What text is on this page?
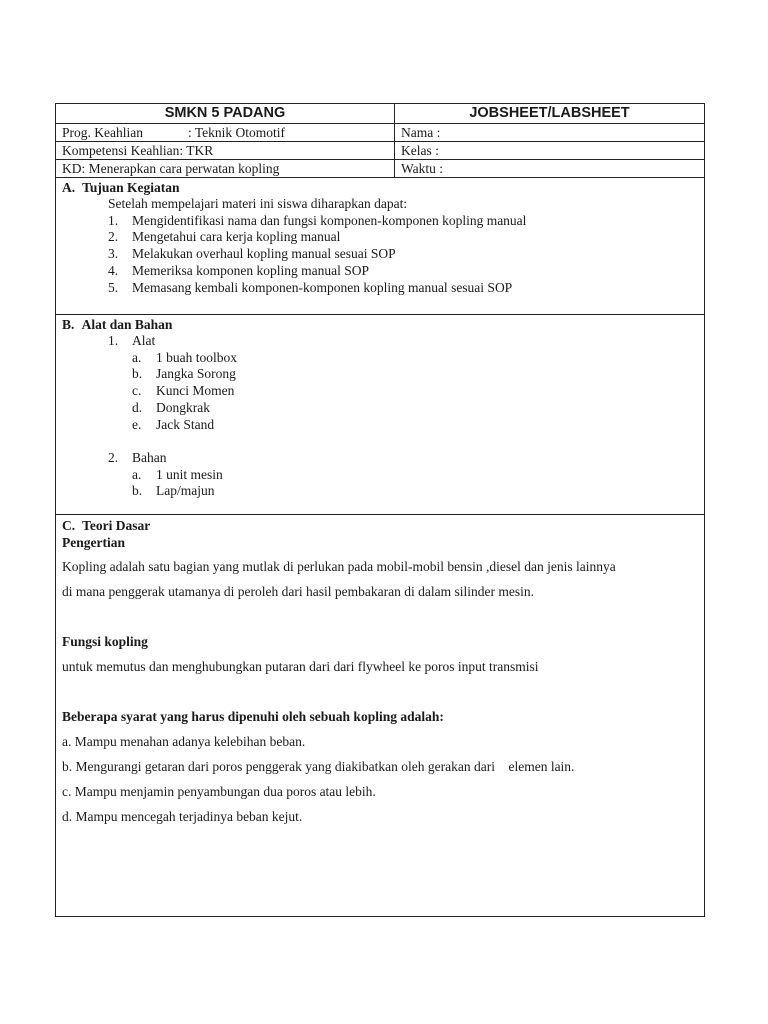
SMKN 5 PADANG	JOBSHEET/LABSHEET
Prog. Keahlian	: Teknik Otomotif	Nama :
Kompetensi Keahlian: TKR	Kelas :
KD: Menerapkan cara perwatan kopling	Waktu :
A. Tujuan Kegiatan
Setelah mempelajari materi ini siswa diharapkan dapat:
1.	Mengidentifikasi nama dan fungsi komponen-komponen kopling manual
2.	Mengetahui cara kerja kopling manual
3.	Melakukan overhaul kopling manual sesuai SOP
4.	Memeriksa komponen kopling manual SOP
5.	Memasang kembali komponen-komponen kopling manual sesuai SOP
B. Alat dan Bahan
1.	Alat
a.	1 buah toolbox
b.	Jangka Sorong
c.	Kunci Momen
d.	Dongkrak
e.	Jack Stand
2.	Bahan
a.	1 unit mesin
b.	Lap/majun
C. Teori Dasar
Pengertian
Kopling adalah satu bagian yang mutlak di perlukan pada mobil-mobil bensin ,diesel dan jenis lainnya
di mana penggerak utamanya di peroleh dari hasil pembakaran di dalam silinder mesin.
Fungsi kopling
untuk memutus dan menghubungkan putaran dari dari flywheel ke poros input transmisi
Beberapa syarat yang harus dipenuhi oleh sebuah kopling adalah:
a. Mampu menahan adanya kelebihan beban.
b. Mengurangi getaran dari poros penggerak yang diakibatkan oleh gerakan dari    elemen lain.
c. Mampu menjamin penyambungan dua poros atau lebih.
d. Mampu mencegah terjadinya beban kejut.
